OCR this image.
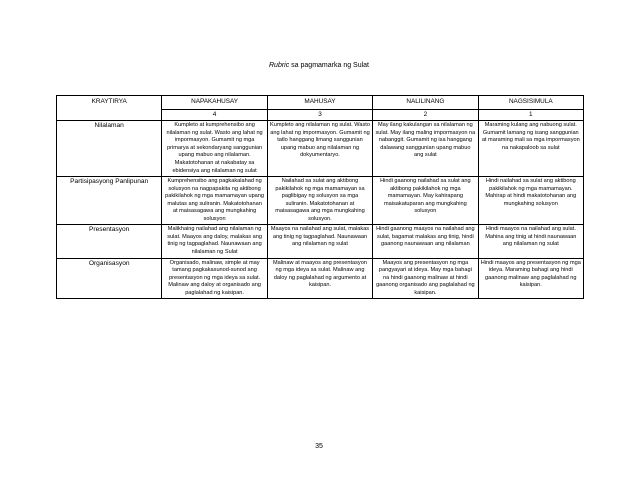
Rubric sa pagmamarka ng Sulat
KRAYTIRYA	NAPAKAHUSAY	MAHUSAY	NALILINANG	NAGSISIMULA
	4	3	2	1
Nilalaman	Kumpleto at kumprehensibo ang nilalaman ng sulat. Wasto ang lahat ng impormasyon. Gumamit ng mga primarya at sekondaryang sanggunian upang mabuo ang nilalaman. Makatotohanan at nakabatay sa ebidensiya ang nilalaman ng sulat	Kumpleto ang nilalaman ng sulat. Wasto ang lahat ng impormasyon. Gumamit ng tatlo hanggang limang sanggunian upang mabuo ang nilalaman ng dokyumentaryo.	May ilang kakulangan sa nilalaman ng sulat. May ilang maling impormasyon na nabanggit. Gumamit ng isa hanggang dalawang sanggunian upang mabuo ang sulat	Maraming kulang ang nabuong sulat. Gumamit lamang ng isang sanggunian at maraming mali sa mga impormasyon na nakapaloob sa sulat
Partisipasyong Panlipunan	Kumprehensibo ang pagkakalahad ng solusyon na nagpapakita ng aktibong pakikilahok ng mga mamamayan upang malutas ang suliranin. Makatotohanan at maisasagawa ang mungkahing solusyon	Nailahad sa sulat ang aktibong pakikilahok ng mga mamamayan sa paglibigay ng solusyon sa mga suliranin. Makatotohanan at maisasagawa ang mga mungkahing solusyon.	Hindi gaanong nailahad sa sulat ang aktibong pakikilahok ng mga mamamayan. May kahirapang maisakatuparan ang mungkahing solusyon	Hindi nailahad sa sulat ang aktibong pakikilahok ng mga mamamayan. Mahirap at hindi makatotohanan ang mungkahing solusyon
Presentasyon	Malikhaing nailahad ang nilalaman ng sulat. Maayos ang daloy, malakas ang tinig ng tagpaglahad. Naunawaan ang nilalaman ng Sulat	Maayos na nailahad ang sulat, malakas ang tinig ng tagpaglahad. Naunawaan ang nilalaman ng sulat	Hindi gaanong maayos na nailahad ang sulat, bagamat malakas ang tinig, hindi gaanong naunawaan ang nilalaman	Hindi maayos na nailahad ang sulat. Mahina ang tinig at hindi naunawaan ang nilalaman ng sulat
Organisasyon	Organisado, malinaw, simple at may tamang pagkakasunod-sunod ang presentasyon ng mga ideya sa sulat. Malinaw ang daloy at organisado ang paglalahad ng kaisipan.	Malinaw at maayos ang presentasyon ng mga ideya sa sulat. Malinaw ang daloy ng paglalahad ng argumento at kaisipan.	Maayos ang presentasyon ng mga pangyayari at ideya. May mga bahagi na hindi gaanong malinaw at hindi gaanong organisado ang paglalahad ng kaisipan.	Hindi maayos ang presentasyon ng mga ideya. Maraming bahagi ang hindi gaanong malinaw ang paglalahad ng kaisipan.
35
